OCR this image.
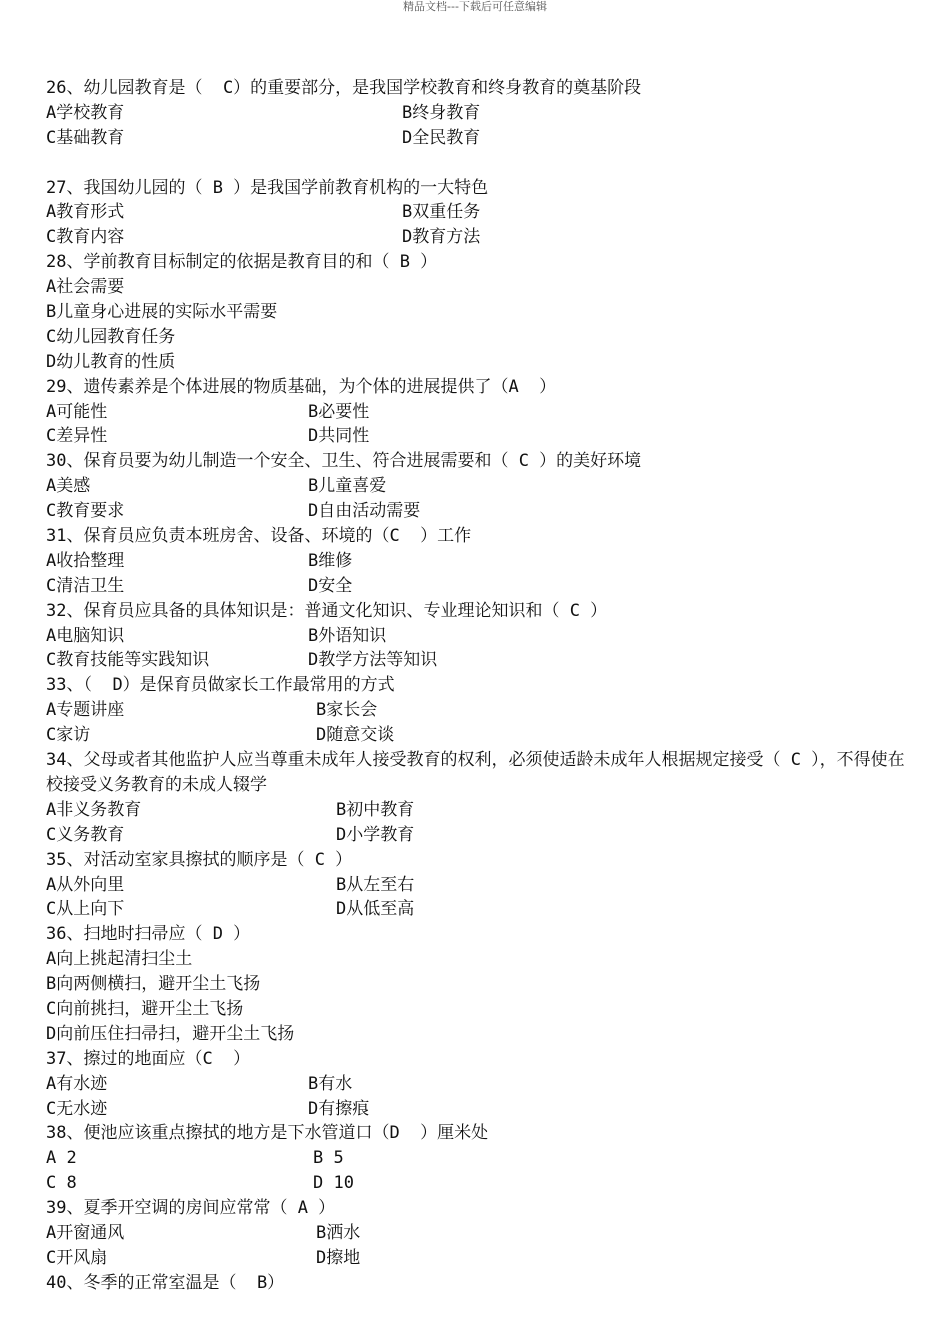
精品文档---下载后可任意编辑
26、幼儿园教育是（  C）的重要部分，是我国学校教育和终身教育的奠基阶段
A学校教育	B终身教育
C基础教育	D全民教育
27、我国幼儿园的（ B ）是我国学前教育机构的一大特色
A教育形式	B双重任务
C教育内容	D教育方法
28、学前教育目标制定的依据是教育目的和（ B ）
A社会需要
B儿童身心进展的实际水平需要
C幼儿园教育任务
D幼儿教育的性质
29、遗传素养是个体进展的物质基础，为个体的进展提供了（A  ）
A可能性	B必要性
C差异性	D共同性
30、保育员要为幼儿制造一个安全、卫生、符合进展需要和（ C ）的美好环境
A美感	B儿童喜爱
C教育要求	D自由活动需要
31、保育员应负责本班房舍、设备、环境的（C  ）工作
A收拾整理	B维修
C清洁卫生	D安全
32、保育员应具备的具体知识是：普通文化知识、专业理论知识和（ C ）
A电脑知识	B外语知识
C教育技能等实践知识	D教学方法等知识
33、（  D）是保育员做家长工作最常用的方式
A专题讲座	B家长会
C家访	D随意交谈
34、父母或者其他监护人应当尊重未成年人接受教育的权利，必须使适龄未成年人根据规定接受（ C ），不得使在校接受义务教育的未成人辍学
A非义务教育	B初中教育
C义务教育	D小学教育
35、对活动室家具擦拭的顺序是（ C ）
A从外向里	B从左至右
C从上向下	D从低至高
36、扫地时扫帚应（ D ）
A向上挑起清扫尘土
B向两侧横扫，避开尘土飞扬
C向前挑扫，避开尘土飞扬
D向前压住扫帚扫，避开尘土飞扬
37、擦过的地面应（C  ）
A有水迹	B有水
C无水迹	D有擦痕
38、便池应该重点擦拭的地方是下水管道口（D  ）厘米处
A 2	B 5
C 8	D 10
39、夏季开空调的房间应常常（ A ）
A开窗通风	B洒水
C开风扇	D擦地
40、冬季的正常室温是（  B）
